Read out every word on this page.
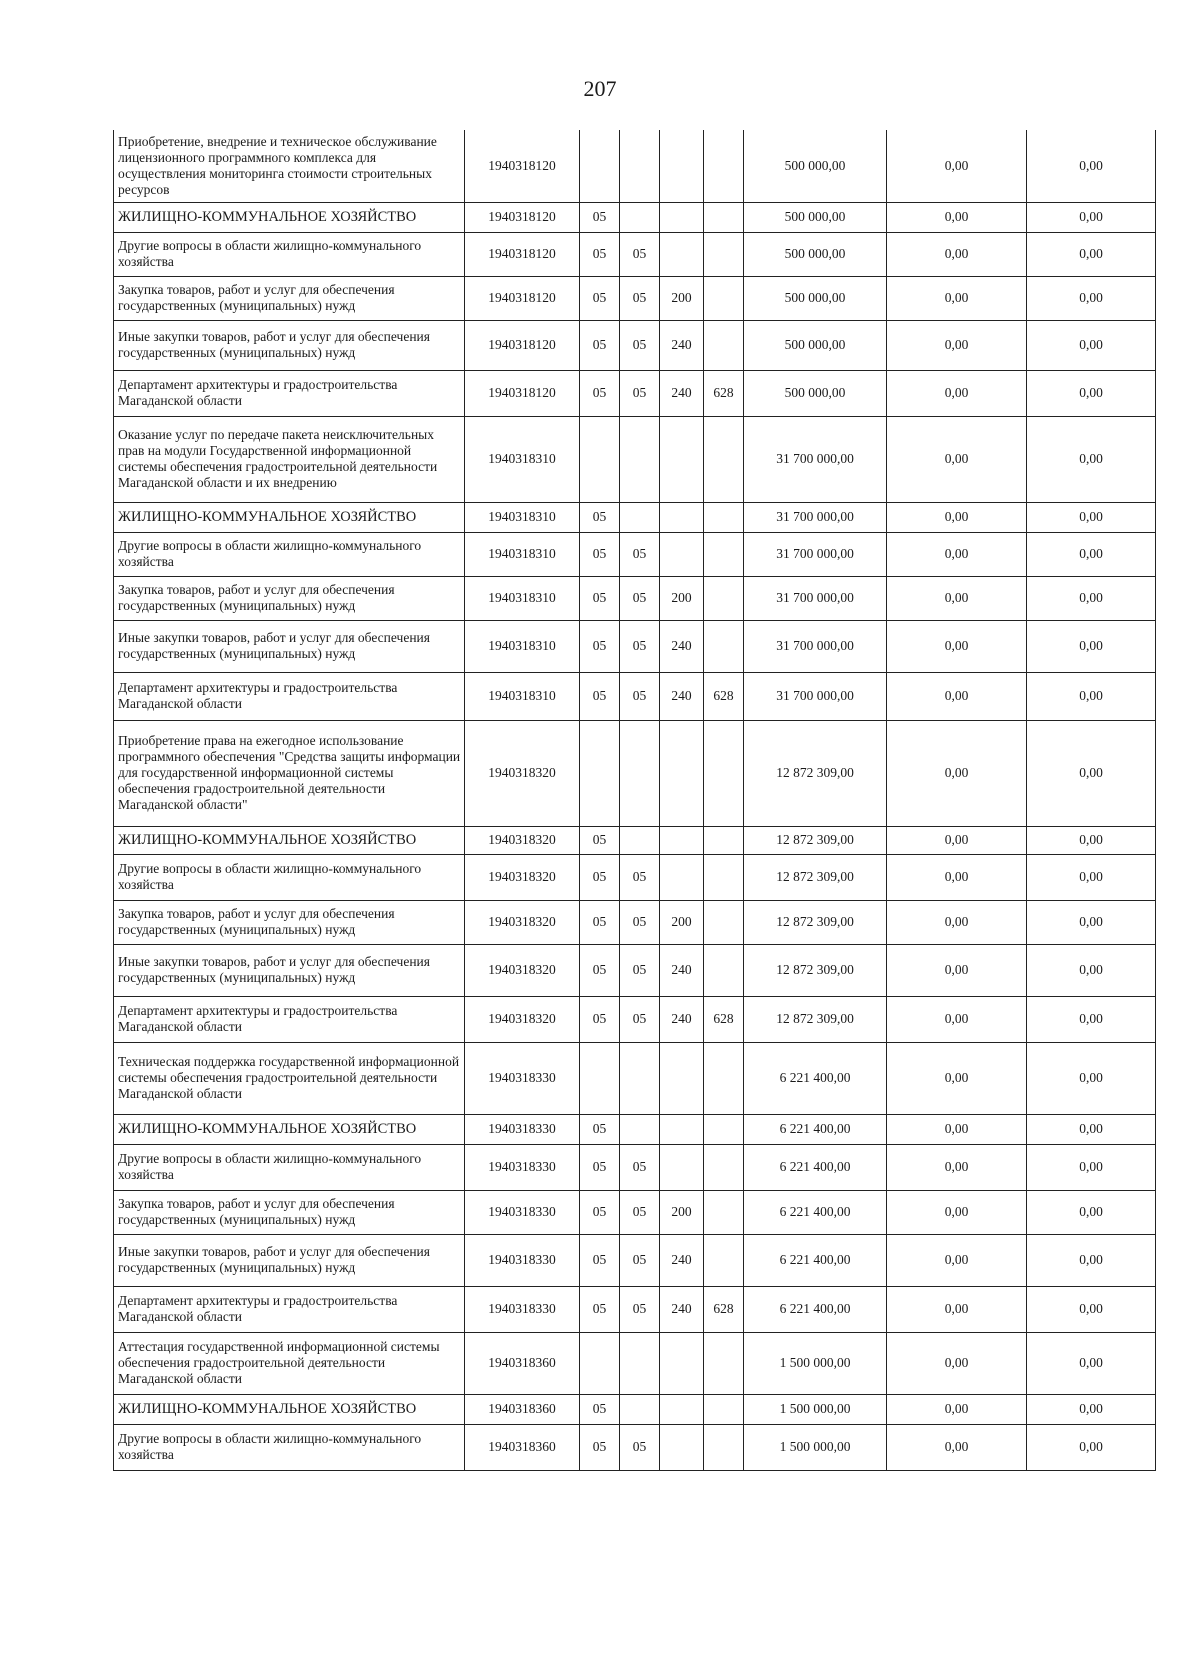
207
Приобретение, внедрение и техническое обслуживание лицензионного программного комплекса для осуществления мониторинга стоимости строительных ресурсов	1940318120					500 000,00	0,00	0,00
ЖИЛИЩНО-КОММУНАЛЬНОЕ ХОЗЯЙСТВО	1940318120	05				500 000,00	0,00	0,00
Другие вопросы в области жилищно-коммунального хозяйства	1940318120	05	05			500 000,00	0,00	0,00
Закупка товаров, работ и услуг для обеспечения государственных (муниципальных) нужд	1940318120	05	05	200		500 000,00	0,00	0,00
Иные закупки товаров, работ и услуг для обеспечения государственных (муниципальных) нужд	1940318120	05	05	240		500 000,00	0,00	0,00
Департамент архитектуры и градостроительства Магаданской области	1940318120	05	05	240	628	500 000,00	0,00	0,00
Оказание услуг по передаче пакета неисключительных прав на модули Государственной информационной системы обеспечения градостроительной деятельности Магаданской области и их внедрению	1940318310					31 700 000,00	0,00	0,00
ЖИЛИЩНО-КОММУНАЛЬНОЕ ХОЗЯЙСТВО	1940318310	05				31 700 000,00	0,00	0,00
Другие вопросы в области жилищно-коммунального хозяйства	1940318310	05	05			31 700 000,00	0,00	0,00
Закупка товаров, работ и услуг для обеспечения государственных (муниципальных) нужд	1940318310	05	05	200		31 700 000,00	0,00	0,00
Иные закупки товаров, работ и услуг для обеспечения государственных (муниципальных) нужд	1940318310	05	05	240		31 700 000,00	0,00	0,00
Департамент архитектуры и градостроительства Магаданской области	1940318310	05	05	240	628	31 700 000,00	0,00	0,00
Приобретение права на ежегодное использование программного обеспечения "Средства защиты информации для государственной информационной системы обеспечения градостроительной деятельности Магаданской области"	1940318320					12 872 309,00	0,00	0,00
ЖИЛИЩНО-КОММУНАЛЬНОЕ ХОЗЯЙСТВО	1940318320	05				12 872 309,00	0,00	0,00
Другие вопросы в области жилищно-коммунального хозяйства	1940318320	05	05			12 872 309,00	0,00	0,00
Закупка товаров, работ и услуг для обеспечения государственных (муниципальных) нужд	1940318320	05	05	200		12 872 309,00	0,00	0,00
Иные закупки товаров, работ и услуг для обеспечения государственных (муниципальных) нужд	1940318320	05	05	240		12 872 309,00	0,00	0,00
Департамент архитектуры и градостроительства Магаданской области	1940318320	05	05	240	628	12 872 309,00	0,00	0,00
Техническая поддержка государственной информационной системы обеспечения градостроительной деятельности Магаданской области	1940318330					6 221 400,00	0,00	0,00
ЖИЛИЩНО-КОММУНАЛЬНОЕ ХОЗЯЙСТВО	1940318330	05				6 221 400,00	0,00	0,00
Другие вопросы в области жилищно-коммунального хозяйства	1940318330	05	05			6 221 400,00	0,00	0,00
Закупка товаров, работ и услуг для обеспечения государственных (муниципальных) нужд	1940318330	05	05	200		6 221 400,00	0,00	0,00
Иные закупки товаров, работ и услуг для обеспечения государственных (муниципальных) нужд	1940318330	05	05	240		6 221 400,00	0,00	0,00
Департамент архитектуры и градостроительства Магаданской области	1940318330	05	05	240	628	6 221 400,00	0,00	0,00
Аттестация государственной информационной системы обеспечения градостроительной деятельности Магаданской области	1940318360					1 500 000,00	0,00	0,00
ЖИЛИЩНО-КОММУНАЛЬНОЕ ХОЗЯЙСТВО	1940318360	05				1 500 000,00	0,00	0,00
Другие вопросы в области жилищно-коммунального хозяйства	1940318360	05	05			1 500 000,00	0,00	0,00
